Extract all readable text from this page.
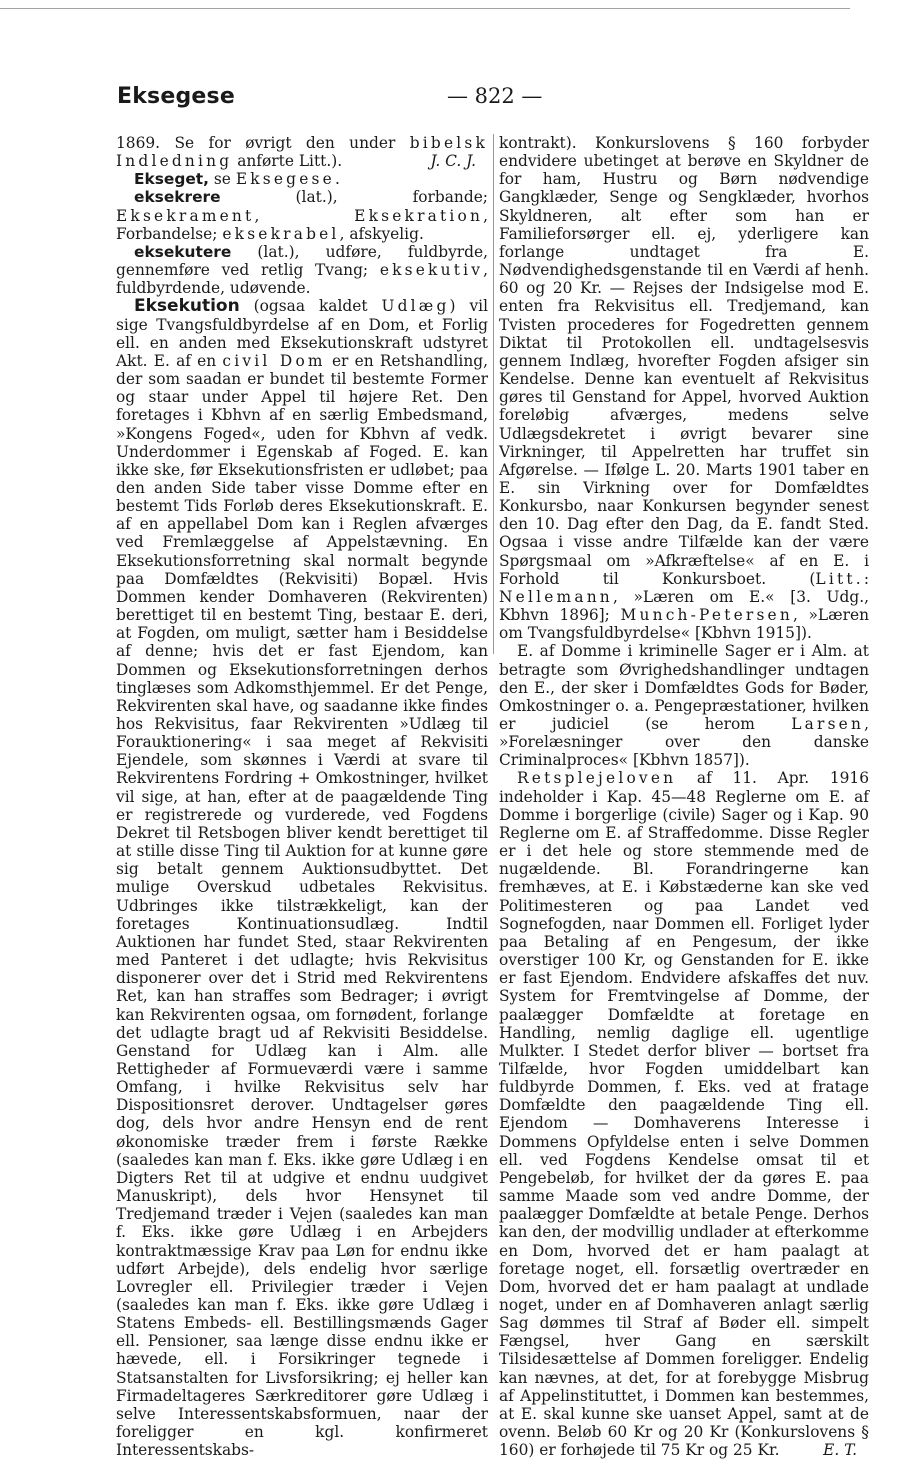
Eksegese	— 822 —

1869. Se for øvrigt den under bibelsk Indledning anførte Litt.).	J. C. J.

Ekseget, se Eksegese.

eksekrere (lat.), forbande; Eksekrament, Eksekration, Forbandelse; eksekrabel, afskyelig.

eksekutere (lat.), udføre, fuldbyrde, gennemføre ved retlig Tvang; eksekutiv, fuldbyrdende, udøvende.

Eksekution (ogsaa kaldet Udlæg) vil sige Tvangsfuldbyrdelse af en Dom, et Forlig ell. en anden med Eksekutionskraft udstyret Akt. E. af en civil Dom er en Retshandling, der som saadan er bundet til bestemte Former og staar under Appel til højere Ret. Den foretages i Kbhvn af en særlig Embedsmand, »Kongens Foged«, uden for Kbhvn af vedk. Underdommer i Egenskab af Foged. E. kan ikke ske, før Eksekutionsfristen er udløbet; paa den anden Side taber visse Domme efter en bestemt Tids Forløb deres Eksekutionskraft. E. af en appellabel Dom kan i Reglen afværges ved Fremlæggelse af Appelstævning. En Eksekutionsforretning skal normalt begynde paa Domfældtes (Rekvisiti) Bopæl. Hvis Dommen kender Domhaveren (Rekvirenten) berettiget til en bestemt Ting, bestaar E. deri, at Fogden, om muligt, sætter ham i Besiddelse af denne; hvis det er fast Ejendom, kan Dommen og Eksekutionsforretningen derhos tinglæses som Adkomsthjemmel. Er det Penge, Rekvirenten skal have, og saadanne ikke findes hos Rekvisitus, faar Rekvirenten »Udlæg til Forauktionering« i saa meget af Rekvisiti Ejendele, som skønnes i Værdi at svare til Rekvirentens Fordring + Omkostninger, hvilket vil sige, at han, efter at de paagældende Ting er registrerede og vurderede, ved Fogdens Dekret til Retsbogen bliver kendt berettiget til at stille disse Ting til Auktion for at kunne gøre sig betalt gennem Auktionsudbyttet. Det mulige Overskud udbetales Rekvisitus. Udbringes ikke tilstrækkeligt, kan der foretages Kontinuationsudlæg. Indtil Auktionen har fundet Sted, staar Rekvirenten med Panteret i det udlagte; hvis Rekvisitus disponerer over det i Strid med Rekvirentens Ret, kan han straffes som Bedrager; i øvrigt kan Rekvirenten ogsaa, om fornødent, forlange det udlagte bragt ud af Rekvisiti Besiddelse. Genstand for Udlæg kan i Alm. alle Rettigheder af Formueværdi være i samme Omfang, i hvilke Rekvisitus selv har Dispositionsret derover. Undtagelser gøres dog, dels hvor andre Hensyn end de rent økonomiske træder frem i første Række (saaledes kan man f. Eks. ikke gøre Udlæg i en Digters Ret til at udgive et endnu uudgivet Manuskript), dels hvor Hensynet til Tredjemand træder i Vejen (saaledes kan man f. Eks. ikke gøre Udlæg i en Arbejders kontraktmæssige Krav paa Løn for endnu ikke udført Arbejde), dels endelig hvor særlige Lovregler ell. Privilegier træder i Vejen (saaledes kan man f. Eks. ikke gøre Udlæg i Statens Embeds- ell. Bestillingsmænds Gager ell. Pensioner, saa længe disse endnu ikke er hævede, ell. i Forsikringer tegnede i Statsanstalten for Livsforsikring; ej heller kan Firmadeltageres Særkreditorer gøre Udlæg i selve Interessentskabsformuen, naar der foreligger en kgl. konfirmeret Interessentskabs-

kontrakt). Konkurslovens § 160 forbyder endvidere ubetinget at berøve en Skyldner de for ham, Hustru og Børn nødvendige Gangklæder, Senge og Sengklæder, hvorhos Skyldneren, alt efter som han er Familieforsørger ell. ej, yderligere kan forlange undtaget fra E. Nødvendighedsgenstande til en Værdi af henh. 60 og 20 Kr. — Rejses der Indsigelse mod E. enten fra Rekvisitus ell. Tredjemand, kan Tvisten procederes for Fogedretten gennem Diktat til Protokollen ell. undtagelsesvis gennem Indlæg, hvorefter Fogden afsiger sin Kendelse. Denne kan eventuelt af Rekvisitus gøres til Genstand for Appel, hvorved Auktion foreløbig afværges, medens selve Udlægsdekretet i øvrigt bevarer sine Virkninger, til Appelretten har truffet sin Afgørelse. — Ifølge L. 20. Marts 1901 taber en E. sin Virkning over for Domfældtes Konkursbo, naar Konkursen begynder senest den 10. Dag efter den Dag, da E. fandt Sted. Ogsaa i visse andre Tilfælde kan der være Spørgsmaal om »Afkræftelse« af en E. i Forhold til Konkursboet. (Litt.: Nellemann, »Læren om E.« [3. Udg., Kbhvn 1896]; Munch-Petersen, »Læren om Tvangsfuldbyrdelse« [Kbhvn 1915]).

E. af Domme i kriminelle Sager er i Alm. at betragte som Øvrighedshandlinger undtagen den E., der sker i Domfældtes Gods for Bøder, Omkostninger o. a. Pengepræstationer, hvilken er judiciel (se herom Larsen, »Forelæsninger over den danske Criminalproces« [Kbhvn 1857]).

Retsplejeloven af 11. Apr. 1916 indeholder i Kap. 45—48 Reglerne om E. af Domme i borgerlige (civile) Sager og i Kap. 90 Reglerne om E. af Straffedomme. Disse Regler er i det hele og store stemmende med de nugældende. Bl. Forandringerne kan fremhæves, at E. i Købstæderne kan ske ved Politimesteren og paa Landet ved Sognefogden, naar Dommen ell. Forliget lyder paa Betaling af en Pengesum, der ikke overstiger 100 Kr, og Genstanden for E. ikke er fast Ejendom. Endvidere afskaffes det nuv. System for Fremtvingelse af Domme, der paalægger Domfældte at foretage en Handling, nemlig daglige ell. ugentlige Mulkter. I Stedet derfor bliver — bortset fra Tilfælde, hvor Fogden umiddelbart kan fuldbyrde Dommen, f. Eks. ved at fratage Domfældte den paagældende Ting ell. Ejendom — Domhaverens Interesse i Dommens Opfyldelse enten i selve Dommen ell. ved Fogdens Kendelse omsat til et Pengebeløb, for hvilket der da gøres E. paa samme Maade som ved andre Domme, der paalægger Domfældte at betale Penge. Derhos kan den, der modvillig undlader at efterkomme en Dom, hvorved det er ham paalagt at foretage noget, ell. forsætlig overtræder en Dom, hvorved det er ham paalagt at undlade noget, under en af Domhaveren anlagt særlig Sag dømmes til Straf af Bøder ell. simpelt Fængsel, hver Gang en særskilt Tilsidesættelse af Dommen foreligger. Endelig kan nævnes, at det, for at forebygge Misbrug af Appelinstituttet, i Dommen kan bestemmes, at E. skal kunne ske uanset Appel, samt at de ovenn. Beløb 60 Kr og 20 Kr (Konkurslovens § 160) er forhøjede til 75 Kr og 25 Kr.	E. T.
